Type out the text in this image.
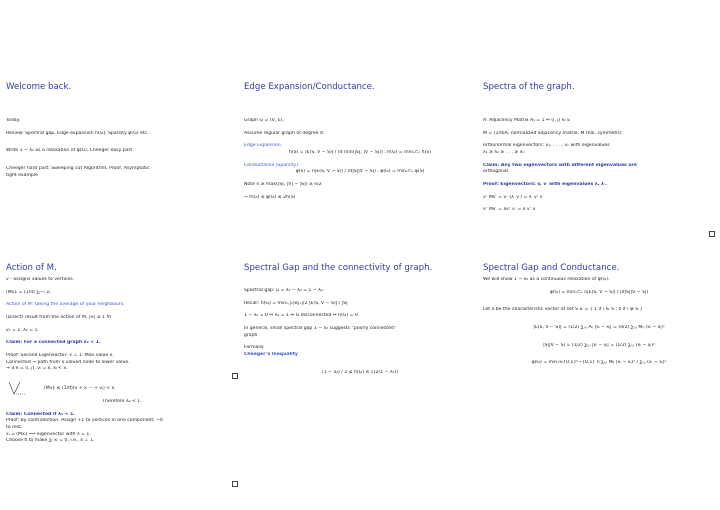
Welcome back.
Today.
Review: Spectral gap, Edge expansion h(G), Sparsity φ(G) etc.
Write 1 − λ₂ as a relaxation of φ(G), Cheeger easy part
Cheeger hard part: Sweeping cut Algorithm, Proof, Asymptotic
tight example
Edge Expansion/Conductance.
Graph G = (V, E),
Assume regular graph of degree d.
Edge Expansion.
h(S) = |E(S, V − S)| / (d min(|S|, |V − S|)) , h(G) = minₛ⊂ᵥ h(S)
Conductance (Sparsity).
φ(S) = n|E(S, V − S)| / (d|S||V − S|) , φ(G) = minₛ⊂ᵥ φ(S)
Note n ≥ max(|S|, |V| − |S|) ≥ n/2
→ h(G) ≤ φ(G) ≤ 2h(S)
Spectra of the graph.
A: Adjacency Matrix Aᵢⱼ = 1 ⇔ (i, j) ∈ E
M = (1/d)A, normalized adjacency matrix, M real, symmetric
orthonormal eigenvectors: v₁, . . . , vₙ with eigenvalues
λ₁ ≥ λ₂ ≥ . . . ≥ λₙ
Claim: Any two eigenvectors with different eigenvalues are
orthogonal.
Proof: Eigenvectors: v, v′ with eigenvalues λ, λ′.
vᵀ Mv′ = vᵀ (λ′ v′) = λ′ vᵀ v′
vᵀ Mv′ = λvᵀ v′ = λ vᵀ v′
Action of M.
v - assigns values to vertices.
(Mv)ᵢ = (1/d) ∑ⱼ∼ᵢ vⱼ .
Action of M: taking the average of your neighbours.
(Direct) result from the action of M, |λᵢ| ≤ 1 ∀i
v₁ = 1. λ₁ = 1.
Claim: For a connected graph λ₂ < 1.
Proof: Second Eigenvector: v ⊥ 1. Max value x.
Connected → path from x valued node to lower value.
→ ∃ e = (i, j), vᵢ = x, xⱼ < x.
(Mv)ᵢ ≤ (1/d)(x + x ··· + vⱼ) < x.
Therefore λ₂ < 1.
Claim: Connected if λ₂ < 1.
Proof: By contradiction. Assign +1 to vertices in one component, −δ
to rest.
xᵢ = (Mxᵢ) ⟹ eigenvector with λ = 1.
Choose δ to make ∑ᵢ xᵢ = 0, i.e., x ⊥ 1.
Spectral Gap and the connectivity of graph.
Spectral gap: μ = λ₁ − λ₂ = 1 − λ₂.
Recall: h(G) = minₛ,|ₛ|≤|ᵥ|/2 |E(S, V − S)| / |S|
1 − λ₂ = 0 ⇔ λ₂ = 1 ⇔ G disconnected ⇔ h(G) = 0
In general, small spectral gap 1 − λ₂ suggests “poorly connected”
graph
Formally
Cheeger’s Inequality
(1 − λ₂) / 2 ≤ h(G) ≤ √(2(1 − λ₂))
Spectral Gap and Conductance.
We will show 1 − λ₂ as a continuous relaxation of φ(G).
φ(G) = minₛ⊂ᵥ n|E(S, V − S)| / (d|S||V − S|)
Let x be the characteristic vector of set S xᵢ = { 1 if i ∈ S ; 0 if i ∉ S }
|E(S, V − S)| = (1/2) ∑ᵢ,ⱼ Aᵢⱼ |xᵢ − xⱼ| = (d/2) ∑ᵢ,ⱼ Mᵢⱼ (xᵢ − xⱼ)²
|S||V − S| = (1/2) ∑ᵢ,ⱼ |xᵢ − xⱼ| = (1/2) ∑ᵢ,ⱼ (xᵢ − xⱼ)²
φ(G) = minₓ∈{0,1}ⁿ−{0,1} n ∑ᵢ,ⱼ Mᵢⱼ (xᵢ − xⱼ)² / ∑ᵢ,ⱼ (xᵢ − xⱼ)²
